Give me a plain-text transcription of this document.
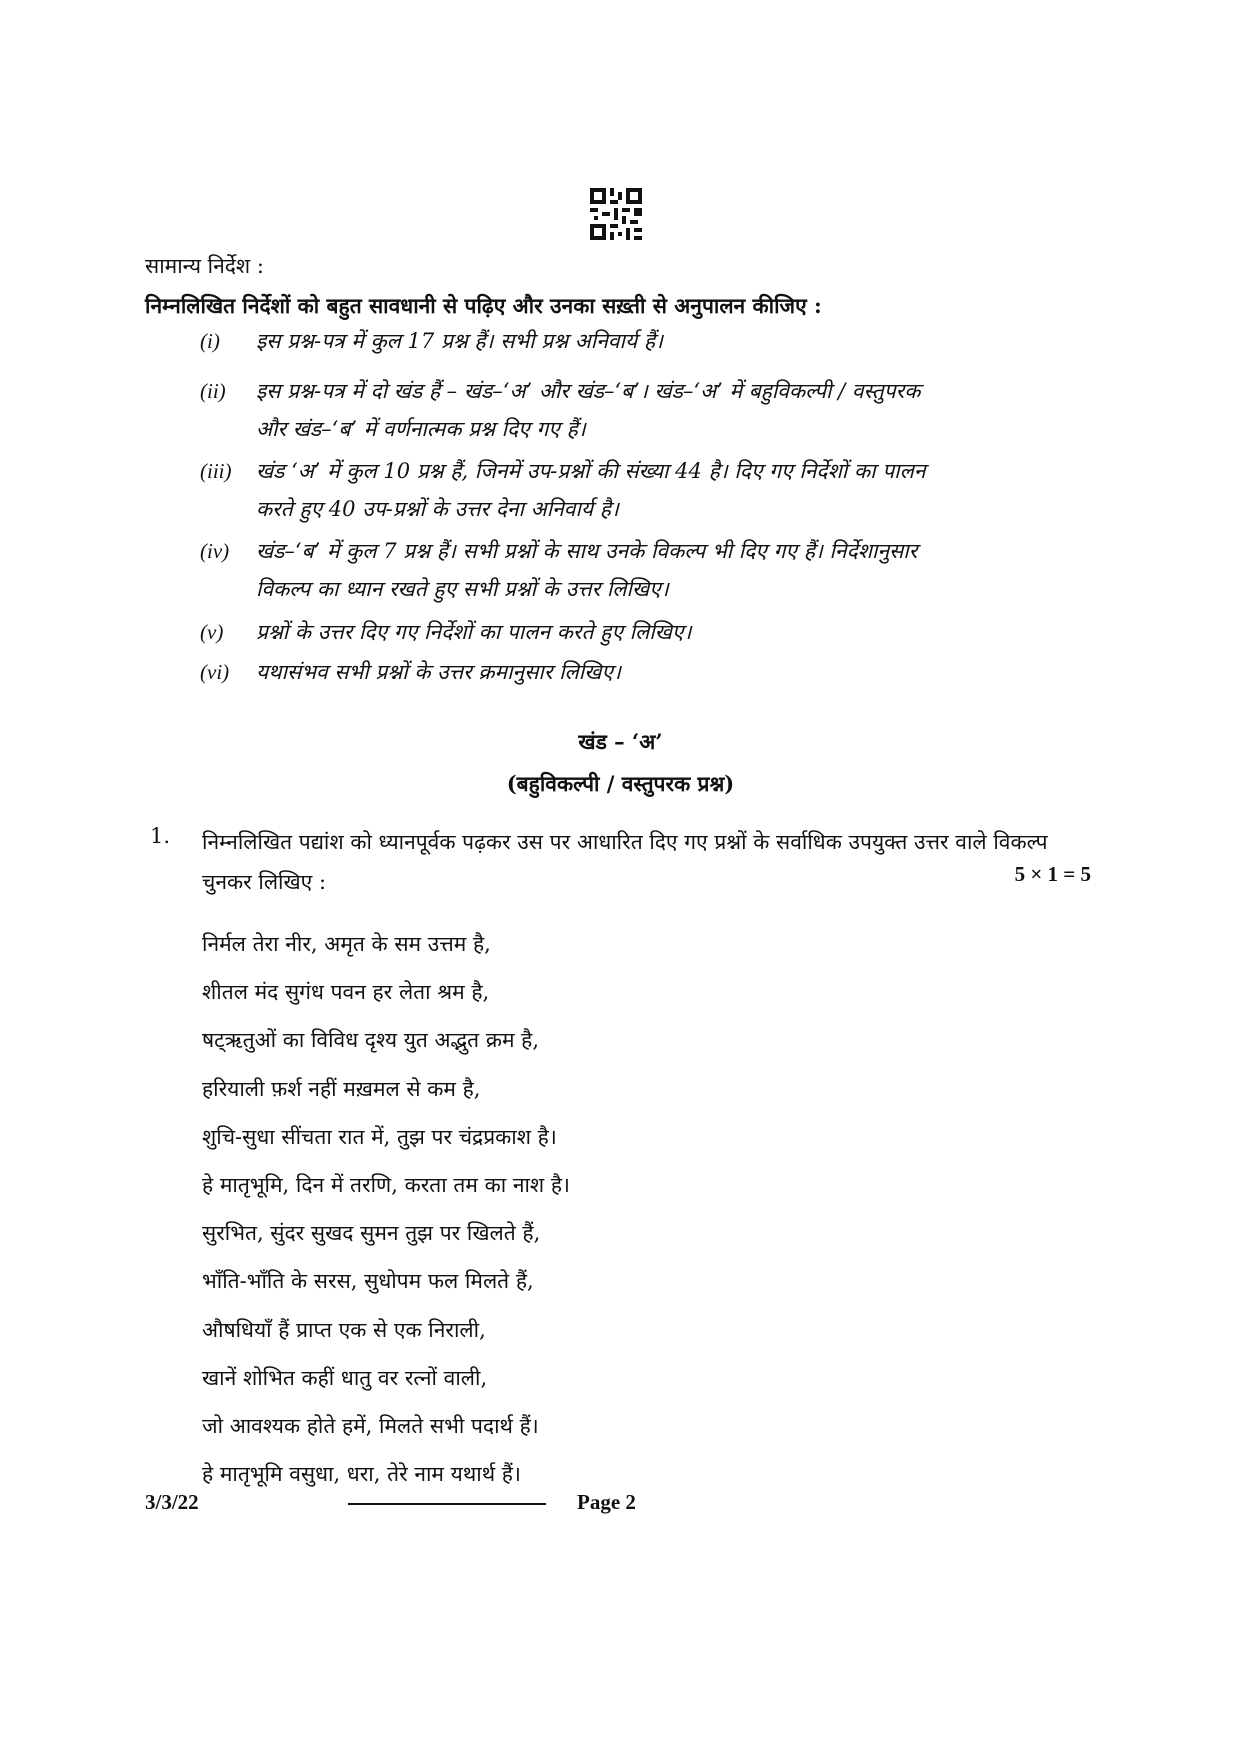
सामान्य निर्देश :
निम्नलिखित निर्देशों को बहुत सावधानी से पढ़िए और उनका सख़्ती से अनुपालन कीजिए :
(i)	इस प्रश्न-पत्र में कुल 17 प्रश्न हैं। सभी प्रश्न अनिवार्य हैं।
(ii)	इस प्रश्न-पत्र में दो खंड हैं – खंड–‘अ’ और खंड–‘ब’। खंड–‘अ’ में बहुविकल्पी / वस्तुपरक
और खंड–‘ब’ में वर्णनात्मक प्रश्न दिए गए हैं।
(iii)	खंड ‘अ’ में कुल 10 प्रश्न हैं, जिनमें उप-प्रश्नों की संख्या 44 है। दिए गए निर्देशों का पालन
करते हुए 40 उप-प्रश्नों के उत्तर देना अनिवार्य है।
(iv)	खंड–‘ब’ में कुल 7 प्रश्न हैं। सभी प्रश्नों के साथ उनके विकल्प भी दिए गए हैं। निर्देशानुसार
विकल्प का ध्यान रखते हुए सभी प्रश्नों के उत्तर लिखिए।
(v)	प्रश्नों के उत्तर दिए गए निर्देशों का पालन करते हुए लिखिए।
(vi)	यथासंभव सभी प्रश्नों के उत्तर क्रमानुसार लिखिए।
खंड – ‘अ’
(बहुविकल्पी / वस्तुपरक प्रश्न)
1. निम्नलिखित पद्यांश को ध्यानपूर्वक पढ़कर उस पर आधारित दिए गए प्रश्नों के सर्वाधिक उपयुक्त उत्तर वाले विकल्प चुनकर लिखिए :	5 × 1 = 5
निर्मल तेरा नीर, अमृत के सम उत्तम है,
शीतल मंद सुगंध पवन हर लेता श्रम है,
षट्ऋतुओं का विविध दृश्य युत अद्भुत क्रम है,
हरियाली फ़र्श नहीं मख़मल से कम है,
शुचि-सुधा सींचता रात में, तुझ पर चंद्रप्रकाश है।
हे मातृभूमि, दिन में तरणि, करता तम का नाश है।
सुरभित, सुंदर सुखद सुमन तुझ पर खिलते हैं,
भाँति-भाँति के सरस, सुधोपम फल मिलते हैं,
औषधियाँ हैं प्राप्त एक से एक निराली,
खानें शोभित कहीं धातु वर रत्नों वाली,
जो आवश्यक होते हमें, मिलते सभी पदार्थ हैं।
हे मातृभूमि वसुधा, धरा, तेरे नाम यथार्थ हैं।
3/3/22	Page 2
